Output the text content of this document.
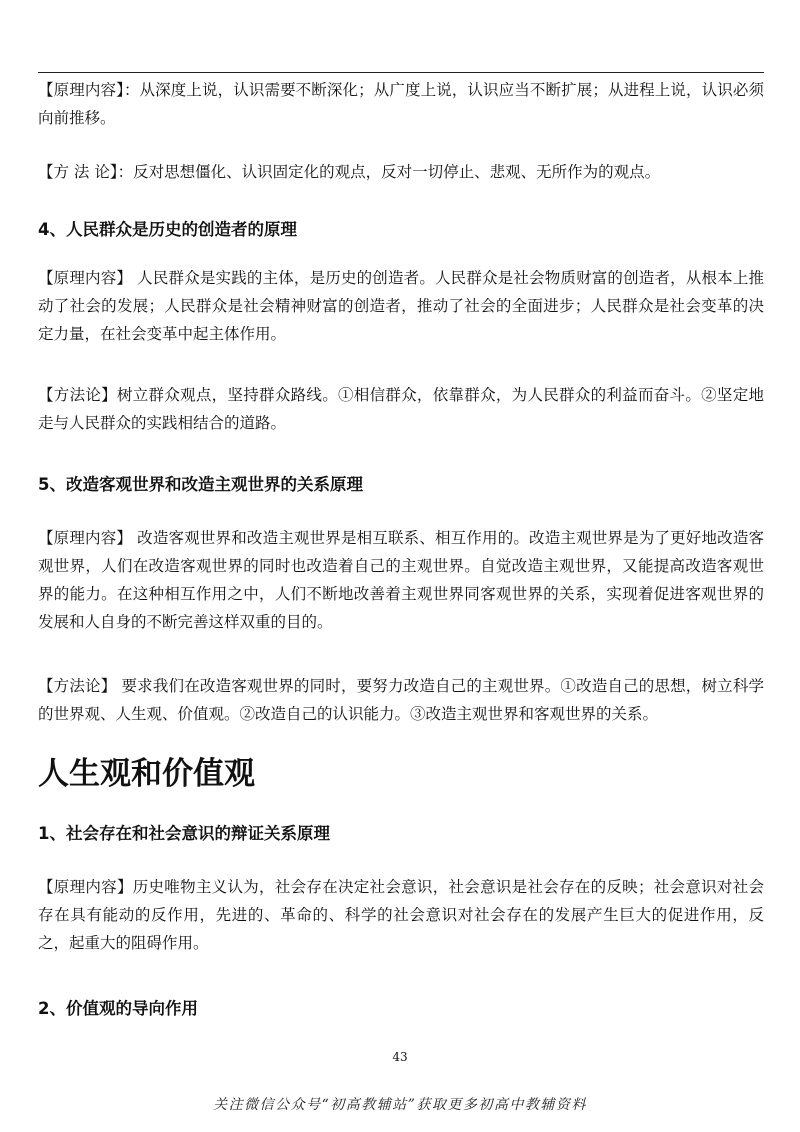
【原理内容】：从深度上说，认识需要不断深化；从广度上说，认识应当不断扩展；从进程上说，认识必须向前推移。

【方 法 论】：反对思想僵化、认识固定化的观点，反对一切停止、悲观、无所作为的观点。

4、人民群众是历史的创造者的原理

【原理内容】 人民群众是实践的主体，是历史的创造者。人民群众是社会物质财富的创造者，从根本上推动了社会的发展；人民群众是社会精神财富的创造者，推动了社会的全面进步；人民群众是社会变革的决定力量，在社会变革中起主体作用。

【方法论】树立群众观点，坚持群众路线。①相信群众，依靠群众，为人民群众的利益而奋斗。②坚定地走与人民群众的实践相结合的道路。

5、改造客观世界和改造主观世界的关系原理

【原理内容】 改造客观世界和改造主观世界是相互联系、相互作用的。改造主观世界是为了更好地改造客观世界，人们在改造客观世界的同时也改造着自己的主观世界。自觉改造主观世界，又能提高改造客观世界的能力。在这种相互作用之中，人们不断地改善着主观世界同客观世界的关系，实现着促进客观世界的发展和人自身的不断完善这样双重的目的。

【方法论】 要求我们在改造客观世界的同时，要努力改造自己的主观世界。①改造自己的思想，树立科学的世界观、人生观、价值观。②改造自己的认识能力。③改造主观世界和客观世界的关系。

人生观和价值观
1、社会存在和社会意识的辩证关系原理

【原理内容】历史唯物主义认为，社会存在决定社会意识，社会意识是社会存在的反映；社会意识对社会存在具有能动的反作用，先进的、革命的、科学的社会意识对社会存在的发展产生巨大的促进作用，反之，起重大的阻碍作用。

2、价值观的导向作用
43
关注微信公众号“初高教辅站”获取更多初高中教辅资料
